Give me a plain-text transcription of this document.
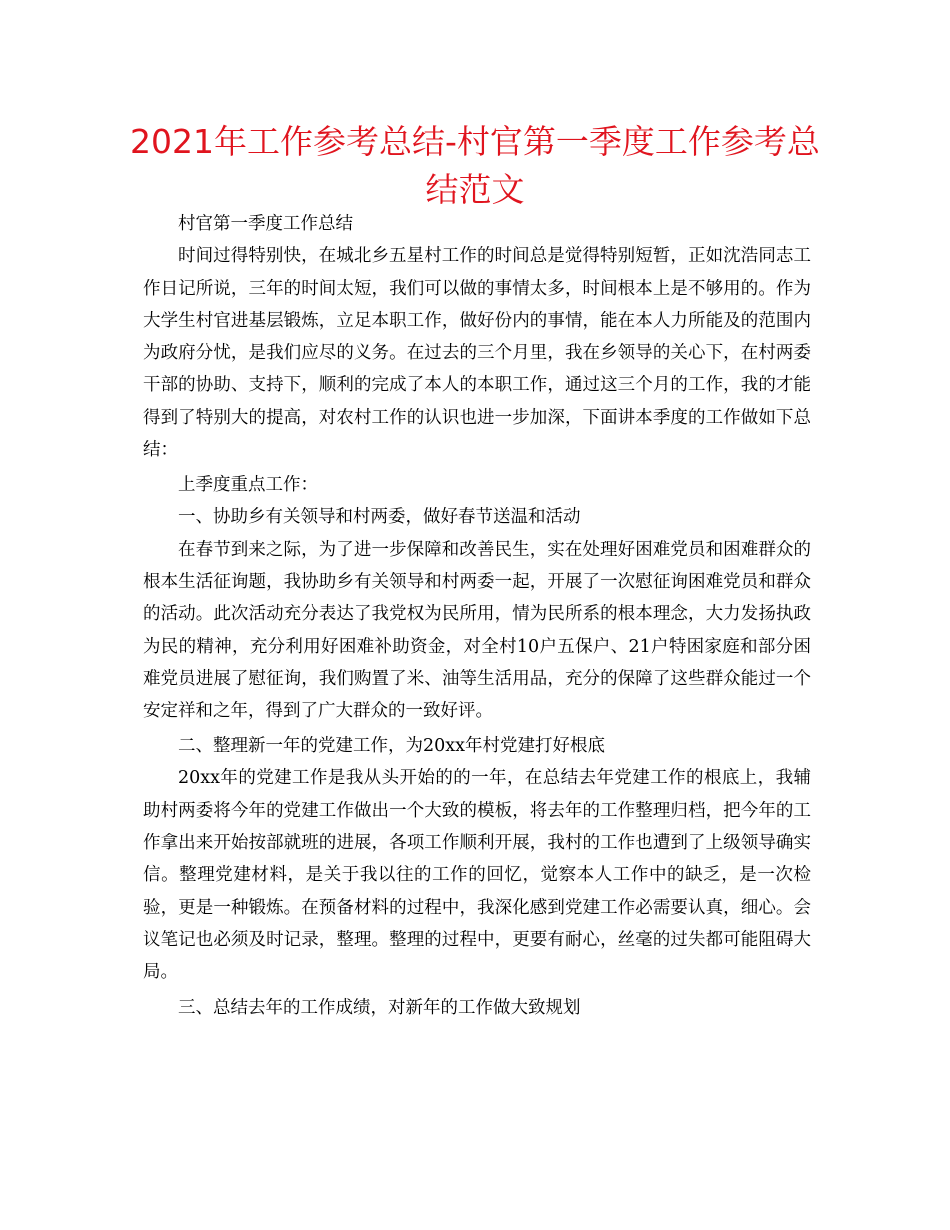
2021年工作参考总结-村官第一季度工作参考总结范文

村官第一季度工作总结

时间过得特别快，在城北乡五星村工作的时间总是觉得特别短暂，正如沈浩同志工作日记所说，三年的时间太短，我们可以做的事情太多，时间根本上是不够用的。作为大学生村官进基层锻炼，立足本职工作，做好份内的事情，能在本人力所能及的范围内为政府分忧，是我们应尽的义务。在过去的三个月里，我在乡领导的关心下，在村两委干部的协助、支持下，顺利的完成了本人的本职工作，通过这三个月的工作，我的才能得到了特别大的提高，对农村工作的认识也进一步加深，下面讲本季度的工作做如下总结：

上季度重点工作：

一、协助乡有关领导和村两委，做好春节送温和活动

在春节到来之际，为了进一步保障和改善民生，实在处理好困难党员和困难群众的根本生活征询题，我协助乡有关领导和村两委一起，开展了一次慰征询困难党员和群众的活动。此次活动充分表达了我党权为民所用，情为民所系的根本理念，大力发扬执政为民的精神，充分利用好困难补助资金，对全村10户五保户、21户特困家庭和部分困难党员进展了慰征询，我们购置了米、油等生活用品，充分的保障了这些群众能过一个安定祥和之年，得到了广大群众的一致好评。

二、整理新一年的党建工作，为20xx年村党建打好根底

20xx年的党建工作是我从头开始的的一年，在总结去年党建工作的根底上，我辅助村两委将今年的党建工作做出一个大致的模板，将去年的工作整理归档，把今年的工作拿出来开始按部就班的进展，各项工作顺利开展，我村的工作也遭到了上级领导确实信。整理党建材料，是关于我以往的工作的回忆，觉察本人工作中的缺乏，是一次检验，更是一种锻炼。在预备材料的过程中，我深化感到党建工作必需要认真，细心。会议笔记也必须及时记录，整理。整理的过程中，更要有耐心，丝毫的过失都可能阻碍大局。

三、总结去年的工作成绩，对新年的工作做大致规划
